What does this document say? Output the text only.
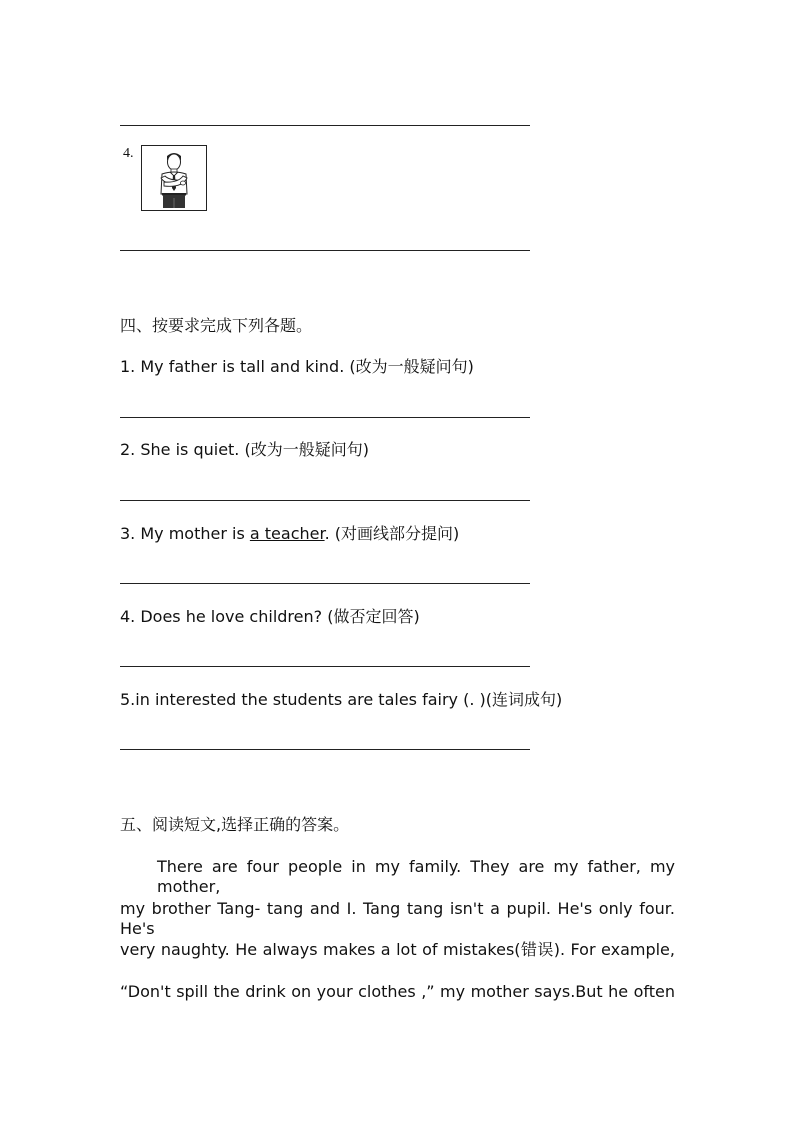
4.
四、按要求完成下列各题。
1. My father is tall and kind. (改为一般疑问句)
2. She is quiet. (改为一般疑问句)
3. My mother is a teacher. (对画线部分提问)
4. Does he love children? (做否定回答)
5.in interested the students are tales fairy (. )(连词成句)
五、阅读短文,选择正确的答案。
There are four people in my family. They are my father, my mother,
my brother Tang- tang and I. Tang tang isn't a pupil. He's only four. He's
very naughty. He always makes a lot of mistakes(错误). For example,
“Don't spill the drink on your clothes ,” my mother says.But he often
